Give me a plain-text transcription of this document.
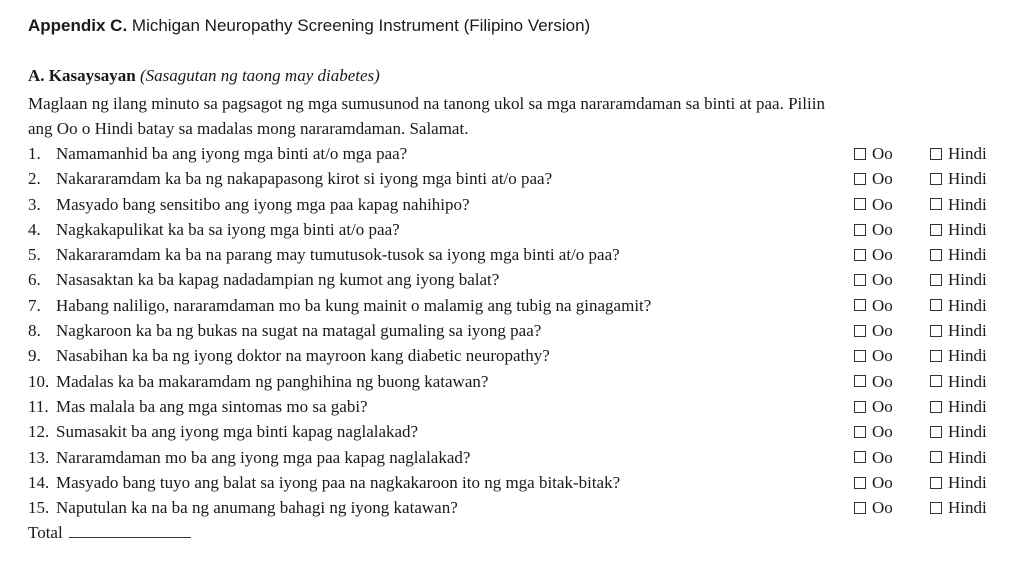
Appendix C. Michigan Neuropathy Screening Instrument (Filipino Version)
A. Kasaysayan (Sasagutan ng taong may diabetes)
Maglaan ng ilang minuto sa pagsagot ng mga sumusunod na tanong ukol sa mga nararamdaman sa binti at paa. Piliin
ang Oo o Hindi batay sa madalas mong nararamdaman. Salamat.
1. Namamanhid ba ang iyong mga binti at/o mga paa?	Oo	Hindi
2. Nakararamdam ka ba ng nakapapasong kirot si iyong mga binti at/o paa?	Oo	Hindi
3. Masyado bang sensitibo ang iyong mga paa kapag nahihipo?	Oo	Hindi
4. Nagkakapulikat ka ba sa iyong mga binti at/o paa?	Oo	Hindi
5. Nakararamdam ka ba na parang may tumutusok-tusok sa iyong mga binti at/o paa?	Oo	Hindi
6. Nasasaktan ka ba kapag nadadampian ng kumot ang iyong balat?	Oo	Hindi
7. Habang naliligo, nararamdaman mo ba kung mainit o malamig ang tubig na ginagamit?	Oo	Hindi
8. Nagkaroon ka ba ng bukas na sugat na matagal gumaling sa iyong paa?	Oo	Hindi
9. Nasabihan ka ba ng iyong doktor na mayroon kang diabetic neuropathy?	Oo	Hindi
10. Madalas ka ba makaramdam ng panghihina ng buong katawan?	Oo	Hindi
11. Mas malala ba ang mga sintomas mo sa gabi?	Oo	Hindi
12. Sumasakit ba ang iyong mga binti kapag naglalakad?	Oo	Hindi
13. Nararamdaman mo ba ang iyong mga paa kapag naglalakad?	Oo	Hindi
14. Masyado bang tuyo ang balat sa iyong paa na nagkakaroon ito ng mga bitak-bitak?	Oo	Hindi
15. Naputulan ka na ba ng anumang bahagi ng iyong katawan?	Oo	Hindi
Total
